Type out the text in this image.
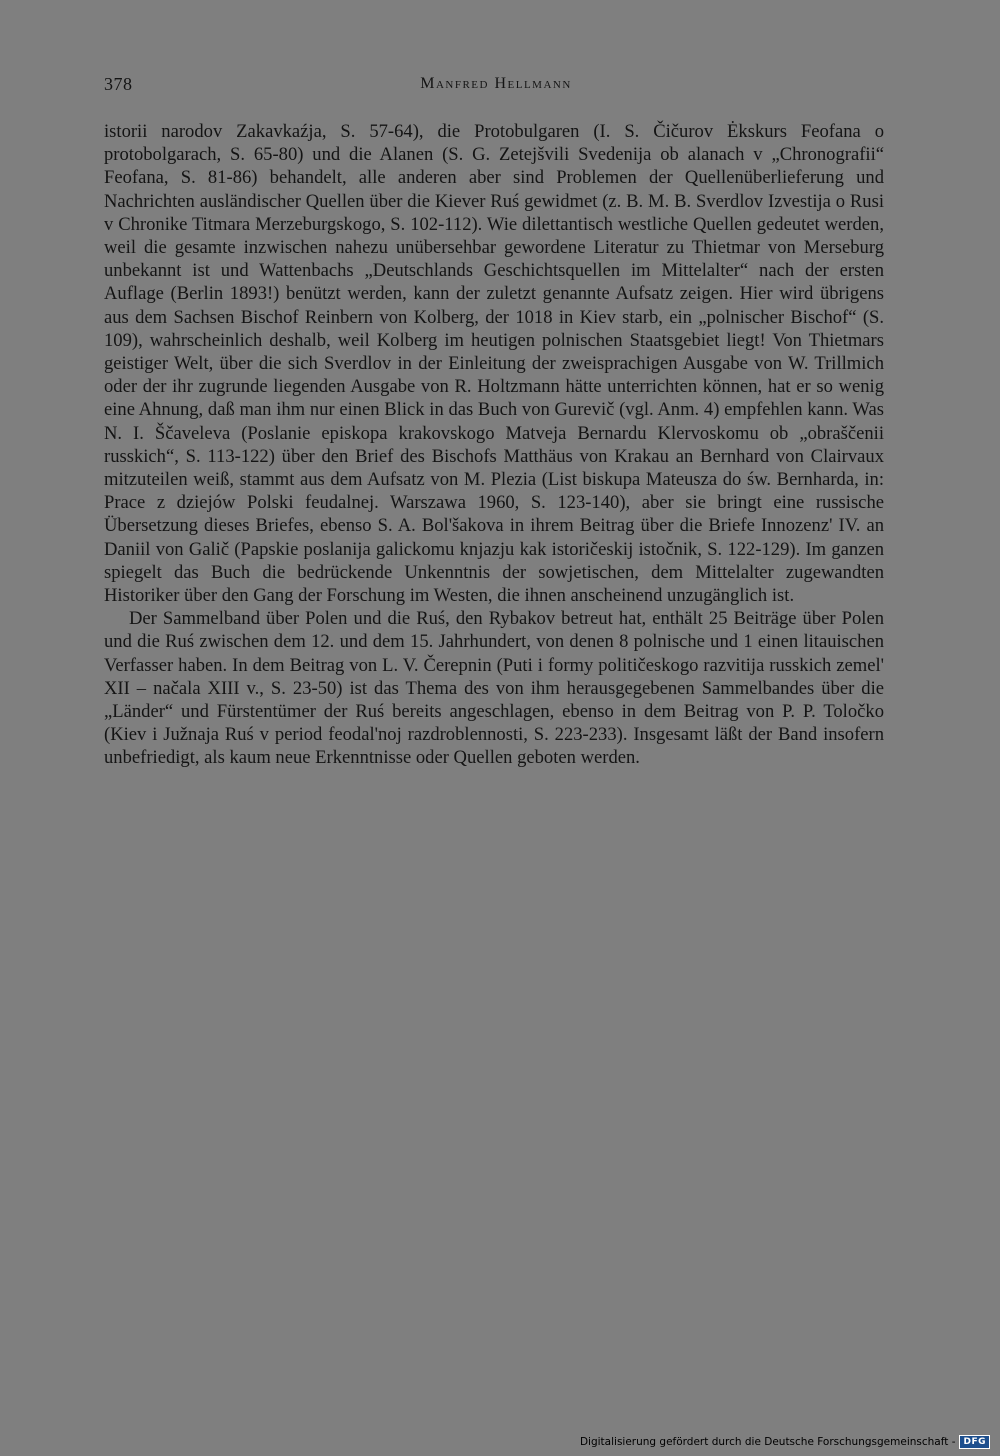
378	Manfred Hellmann

istorii narodov Zakavkaźja, S. 57-64), die Protobulgaren (I. S. Čičurov Ėkskurs Feofana o protobolgarach, S. 65-80) und die Alanen (S. G. Zetejšvili Svedenija ob alanach v „Chronografii“ Feofana, S. 81-86) behandelt, alle anderen aber sind Problemen der Quellenüberlieferung und Nachrichten ausländischer Quellen über die Kiever Ruś gewidmet (z. B. M. B. Sverdlov Izvestija o Rusi v Chronike Titmara Merzeburgskogo, S. 102-112). Wie dilettantisch westliche Quellen gedeutet werden, weil die gesamte inzwischen nahezu unübersehbar gewordene Literatur zu Thietmar von Merseburg unbekannt ist und Wattenbachs „Deutschlands Geschichtsquellen im Mittelalter“ nach der ersten Auflage (Berlin 1893!) benützt werden, kann der zuletzt genannte Aufsatz zeigen. Hier wird übrigens aus dem Sachsen Bischof Reinbern von Kolberg, der 1018 in Kiev starb, ein „polnischer Bischof“ (S. 109), wahrscheinlich deshalb, weil Kolberg im heutigen polnischen Staatsgebiet liegt! Von Thietmars geistiger Welt, über die sich Sverdlov in der Einleitung der zweisprachigen Ausgabe von W. Trillmich oder der ihr zugrunde liegenden Ausgabe von R. Holtzmann hätte unterrichten können, hat er so wenig eine Ahnung, daß man ihm nur einen Blick in das Buch von Gurevič (vgl. Anm. 4) empfehlen kann. Was N. I. Ščaveleva (Poslanie episkopa krakovskogo Matveja Bernardu Klervoskomu ob „obraščenii russkich“, S. 113-122) über den Brief des Bischofs Matthäus von Krakau an Bernhard von Clairvaux mitzuteilen weiß, stammt aus dem Aufsatz von M. Plezia (List biskupa Mateusza do św. Bernharda, in: Prace z dziejów Polski feudalnej. Warszawa 1960, S. 123-140), aber sie bringt eine russische Übersetzung dieses Briefes, ebenso S. A. Bol'šakova in ihrem Beitrag über die Briefe Innozenz' IV. an Daniil von Galič (Papskie poslanija galickomu knjazju kak istoričeskij istočnik, S. 122-129). Im ganzen spiegelt das Buch die bedrückende Unkenntnis der sowjetischen, dem Mittelalter zugewandten Historiker über den Gang der Forschung im Westen, die ihnen anscheinend unzugänglich ist.

Der Sammelband über Polen und die Ruś, den Rybakov betreut hat, enthält 25 Beiträge über Polen und die Ruś zwischen dem 12. und dem 15. Jahrhundert, von denen 8 polnische und 1 einen litauischen Verfasser haben. In dem Beitrag von L. V. Čerepnin (Puti i formy političeskogo razvitija russkich zemel' XII – načala XIII v., S. 23-50) ist das Thema des von ihm herausgegebenen Sammelbandes über die „Länder“ und Fürstentümer der Ruś bereits angeschlagen, ebenso in dem Beitrag von P. P. Toločko (Kiev i Južnaja Ruś v period feodal'noj razdroblennosti, S. 223-233). Insgesamt läßt der Band insofern unbefriedigt, als kaum neue Erkenntnisse oder Quellen geboten werden.

Digitalisierung gefördert durch die Deutsche Forschungsgemeinschaft - DFG
